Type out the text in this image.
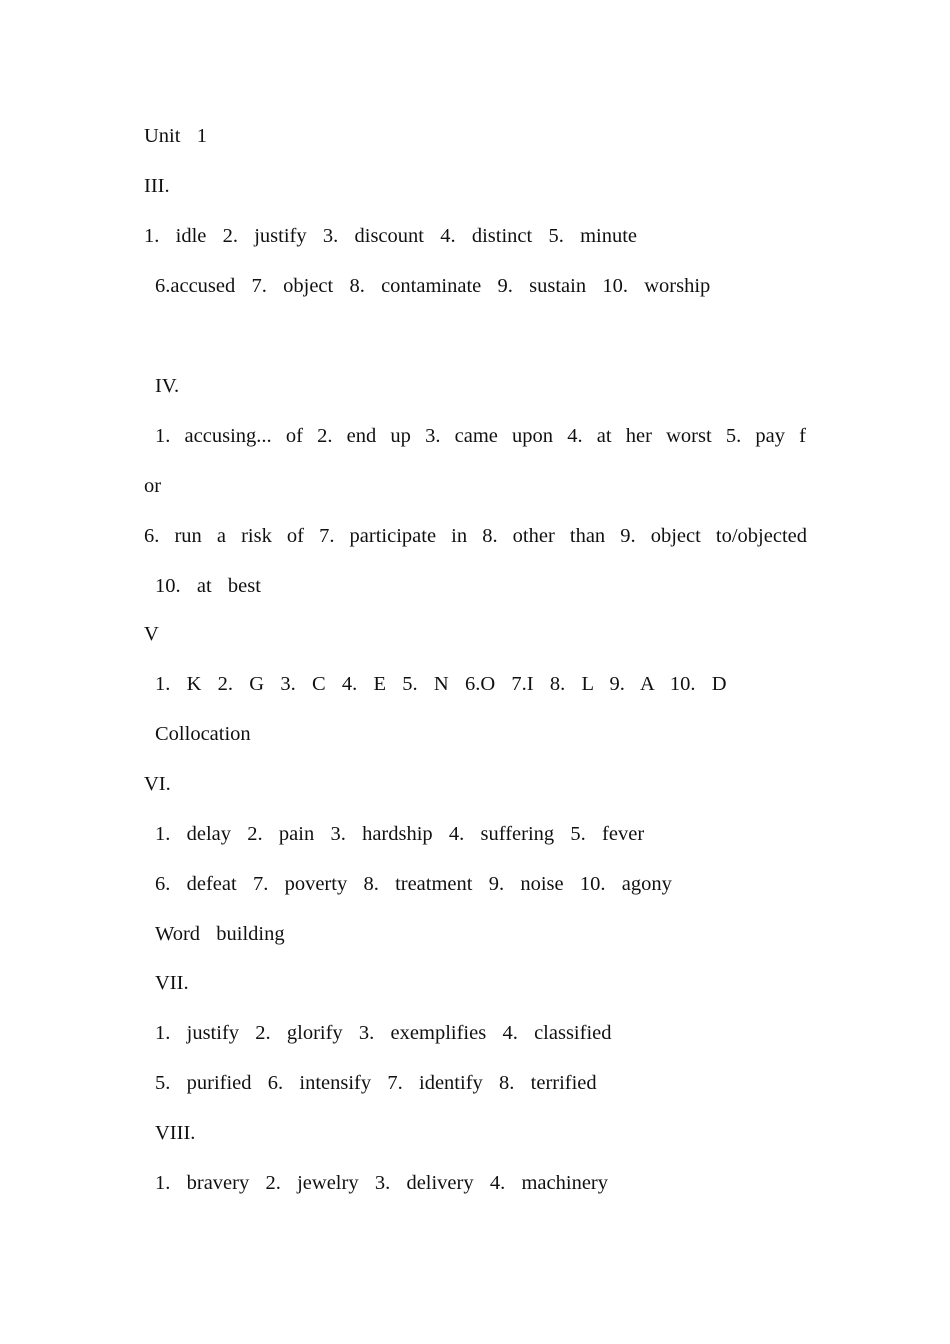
Unit  1
III.
1.  idle  2.  justify  3.  discount  4.  distinct  5.  minute
6.accused  7.  object  8.  contaminate  9.  sustain  10.  worship
IV.
1.  accusing...  of  2.  end  up  3.  came  upon  4.  at  her  worst  5.  pay  f
or
6.  run  a  risk  of  7.  participate  in  8.  other  than  9.  object  to/objected
10.  at  best
V
1.  K  2.  G  3.  C  4.  E  5.  N  6.O  7.I  8.  L  9.  A  10.  D
Collocation
VI.
1.  delay  2.  pain  3.  hardship  4.  suffering  5.  fever
6.  defeat  7.  poverty  8.  treatment  9.  noise  10.  agony
Word  building
VII.
1.  justify  2.  glorify  3.  exemplifies  4.  classified
5.  purified  6.  intensify  7.  identify  8.  terrified
VIII.
1.  bravery  2.  jewelry  3.  delivery  4.  machinery
